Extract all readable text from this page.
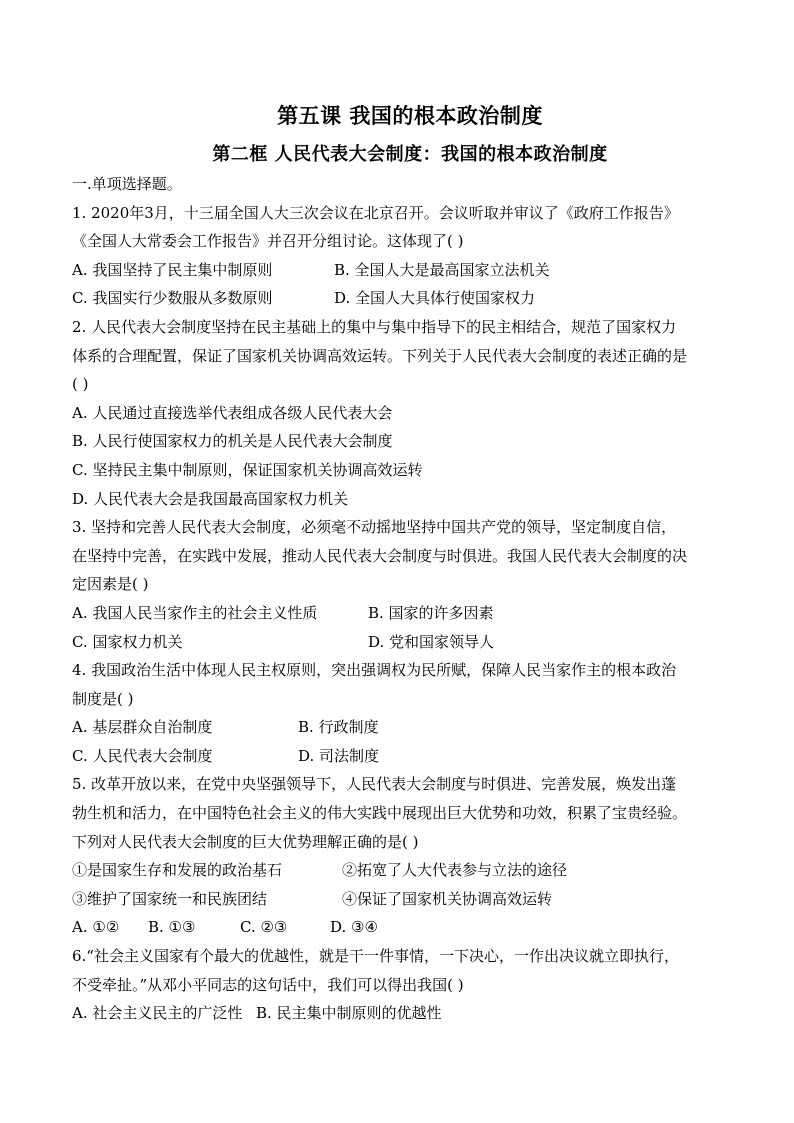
第五课 我国的根本政治制度
第二框 人民代表大会制度：我国的根本政治制度
一.单项选择题。
1. 2020年3月，十三届全国人大三次会议在北京召开。会议听取并审议了《政府工作报告》
《全国人大常委会工作报告》并召开分组讨论。这体现了( )
A. 我国坚持了民主集中制原则	B. 全国人大是最高国家立法机关
C. 我国实行少数服从多数原则	D. 全国人大具体行使国家权力
2. 人民代表大会制度坚持在民主基础上的集中与集中指导下的民主相结合，规范了国家权力
体系的合理配置，保证了国家机关协调高效运转。下列关于人民代表大会制度的表述正确的是
( )
A. 人民通过直接选举代表组成各级人民代表大会
B. 人民行使国家权力的机关是人民代表大会制度
C. 坚持民主集中制原则，保证国家机关协调高效运转
D. 人民代表大会是我国最高国家权力机关
3. 坚持和完善人民代表大会制度，必须毫不动摇地坚持中国共产党的领导，坚定制度自信，
在坚持中完善，在实践中发展，推动人民代表大会制度与时俱进。我国人民代表大会制度的决
定因素是( )
A. 我国人民当家作主的社会主义性质	B. 国家的许多因素
C. 国家权力机关	D. 党和国家领导人
4. 我国政治生活中体现人民主权原则，突出强调权为民所赋，保障人民当家作主的根本政治
制度是( )
A. 基层群众自治制度	B. 行政制度
C. 人民代表大会制度	D. 司法制度
5. 改革开放以来，在党中央坚强领导下，人民代表大会制度与时俱进、完善发展，焕发出蓬
勃生机和活力，在中国特色社会主义的伟大实践中展现出巨大优势和功效，积累了宝贵经验。
下列对人民代表大会制度的巨大优势理解正确的是( )
①是国家生存和发展的政治基石	②拓宽了人大代表参与立法的途径
③维护了国家统一和民族团结	④保证了国家机关协调高效运转
A. ①②	B. ①③	C. ②③	D. ③④
6.“社会主义国家有个最大的优越性，就是干一件事情，一下决心，一作出决议就立即执行，
不受牵扯。”从邓小平同志的这句话中，我们可以得出我国( )
A. 社会主义民主的广泛性 B. 民主集中制原则的优越性
